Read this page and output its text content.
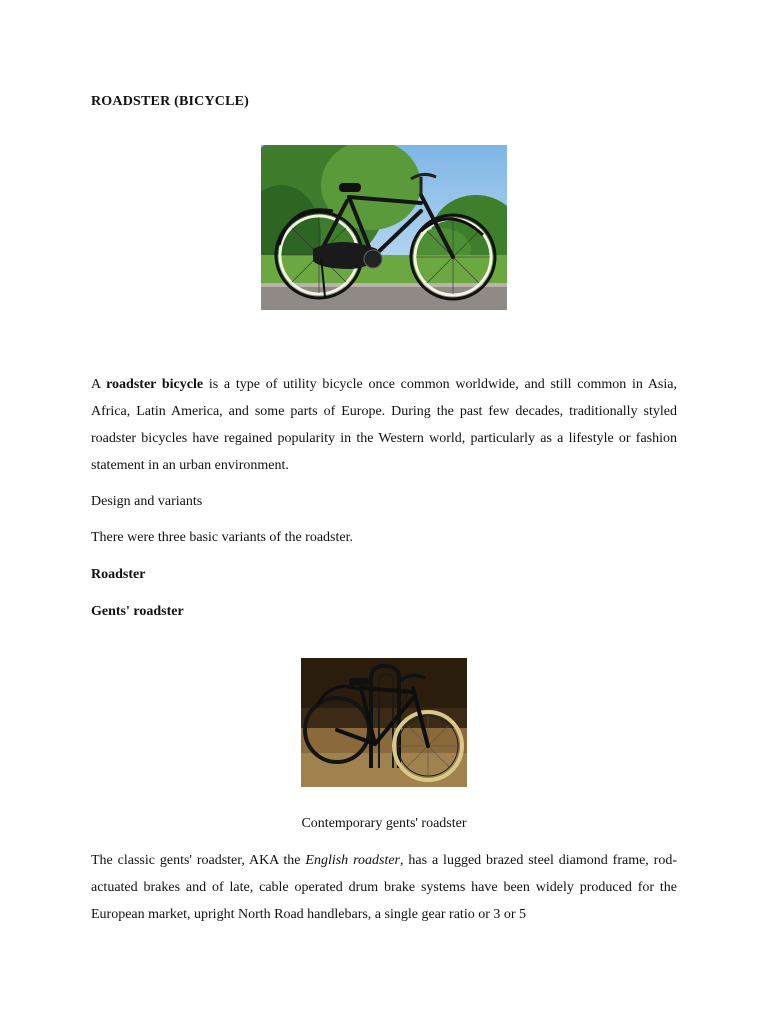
ROADSTER (BICYCLE)
A roadster bicycle is a type of utility bicycle once common worldwide, and still common in Asia, Africa, Latin America, and some parts of Europe. During the past few decades, traditionally styled roadster bicycles have regained popularity in the Western world, particularly as a lifestyle or fashion statement in an urban environment.
Design and variants
There were three basic variants of the roadster.
Roadster
Gents' roadster
Contemporary gents' roadster
The classic gents' roadster, AKA the English roadster, has a lugged brazed steel diamond frame, rod-actuated brakes and of late, cable operated drum brake systems have been widely produced for the European market, upright North Road handlebars, a single gear ratio or 3 or 5
